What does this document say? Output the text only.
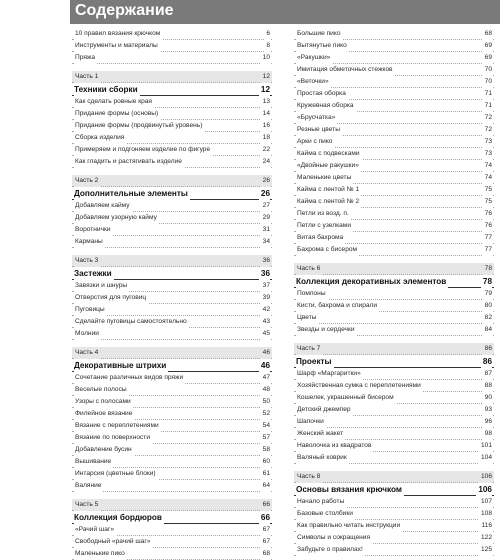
Содержание
10 правил вязания крючком	6
Инструменты и материалы	8
Пряжа	10
Часть 1	12
Техники сборки	12
Как сделать ровные края	13
Придание формы (основы)	14
Придание формы (продвинутый уровень)	16
Сборка изделия	18
Примеряем и подгоняем изделие по фигуре	22
Как гладить и растягивать изделие	24
Часть 2	26
Дополнительные элементы	26
Добавляем кайму	27
Добавляем узорную кайму	29
Воротнички	31
Карманы	34
Часть 3	36
Застежки	36
Завязки и шнуры	37
Отверстия для пуговиц	39
Пуговицы	42
Сделайте пуговицы самостоятельно	43
Молнии	45
Часть 4	46
Декоративные штрихи	46
Сочетание различных видов пряжи	47
Веселые полосы	48
Узоры с полосами	50
Филейное вязание	52
Вязание с переплетениями	54
Вязание по поверхности	57
Добавление бусин	58
Вышивание	60
Интарсия (цветные блоки)	61
Валяние	64
Часть 5	66
Коллекция бордюров	66
«Рачий шаг»	67
Свободный «рачий шаг»	67
Маленькие пико	68
Большие пико	68
Вытянутые пико	69
«Ракушки»	69
Имитация обметочных стежков	70
«Веточки»	70
Простая оборка	71
Кружевная оборка	71
«Брусчатка»	72
Резные цветы	72
Арки с пико	73
Кайма с подвесками	73
«Двойные ракушки»	74
Маленькие цветы	74
Кайма с лентой № 1	75
Кайма с лентой № 2	75
Петли из возд. п.	76
Петли с узелками	76
Витая бахрома	77
Бахрома с бисером	77
Часть 6	78
Коллекция декоративных элементов	78
Помпоны	79
Кисти, бахрома и спирали	80
Цветы	82
Звезды и сердечки	84
Часть 7	86
Проекты	86
Шарф «Маргаритки»	87
Хозяйственная сумка с переплетениями	88
Кошелек, украшенный бисером	90
Детский джемпер	93
Шапочки	96
Женский жакет	98
Наволочка из квадратов	101
Валяный коврик	104
Часть 8	106
Основы вязания крючком	106
Начало работы	107
Базовые столбики	108
Как правильно читать инструкции	116
Символы и сокращения	122
Забудьте о правилах!	125
